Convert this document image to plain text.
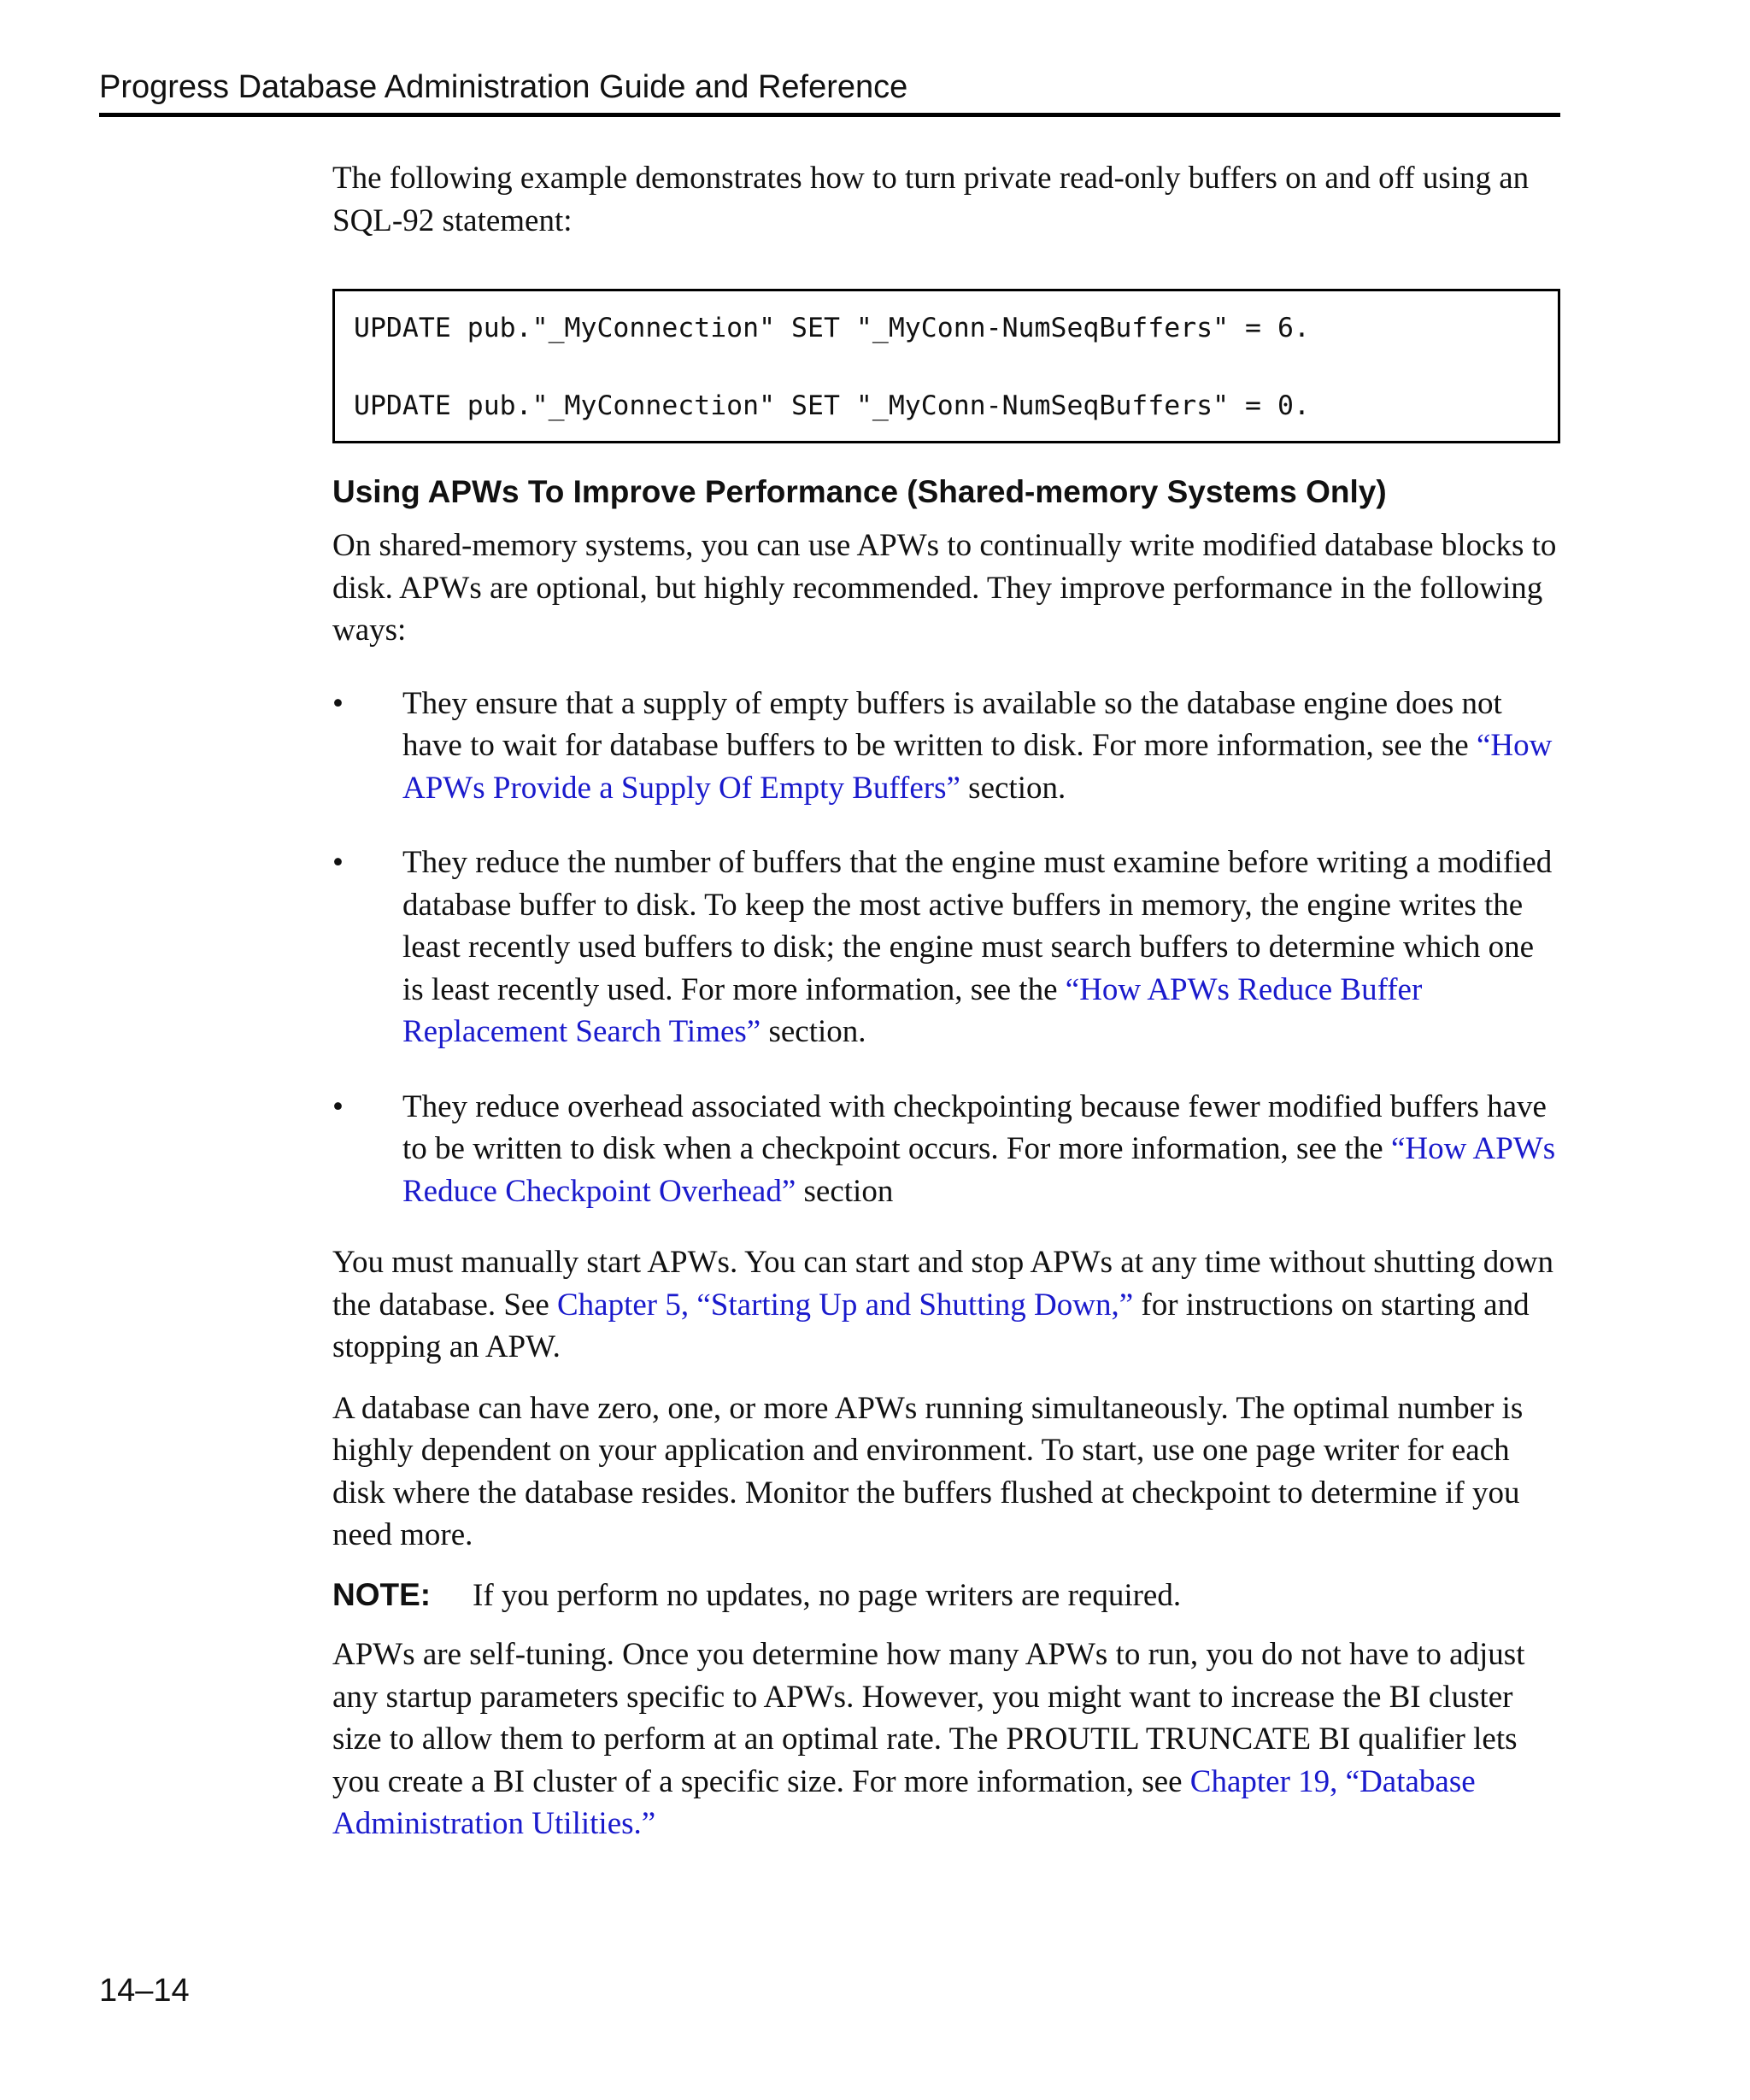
Progress Database Administration Guide and Reference

The following example demonstrates how to turn private read-only buffers on and off using an SQL-92 statement:

UPDATE pub."_MyConnection" SET "_MyConn-NumSeqBuffers" = 6.
UPDATE pub."_MyConnection" SET "_MyConn-NumSeqBuffers" = 0.
Using APWs To Improve Performance (Shared-memory Systems Only)

On shared-memory systems, you can use APWs to continually write modified database blocks to disk. APWs are optional, but highly recommended. They improve performance in the following ways:

• They ensure that a supply of empty buffers is available so the database engine does not have to wait for database buffers to be written to disk. For more information, see the “How APWs Provide a Supply Of Empty Buffers” section.
• They reduce the number of buffers that the engine must examine before writing a modified database buffer to disk. To keep the most active buffers in memory, the engine writes the least recently used buffers to disk; the engine must search buffers to determine which one is least recently used. For more information, see the “How APWs Reduce Buffer Replacement Search Times” section.
• They reduce overhead associated with checkpointing because fewer modified buffers have to be written to disk when a checkpoint occurs. For more information, see the “How APWs Reduce Checkpoint Overhead” section

You must manually start APWs. You can start and stop APWs at any time without shutting down the database. See Chapter 5, “Starting Up and Shutting Down,” for instructions on starting and stopping an APW.

A database can have zero, one, or more APWs running simultaneously. The optimal number is highly dependent on your application and environment. To start, use one page writer for each disk where the database resides. Monitor the buffers flushed at checkpoint to determine if you need more.

NOTE: If you perform no updates, no page writers are required.

APWs are self-tuning. Once you determine how many APWs to run, you do not have to adjust any startup parameters specific to APWs. However, you might want to increase the BI cluster size to allow them to perform at an optimal rate. The PROUTIL TRUNCATE BI qualifier lets you create a BI cluster of a specific size. For more information, see Chapter 19, “Database Administration Utilities.”

14–14
